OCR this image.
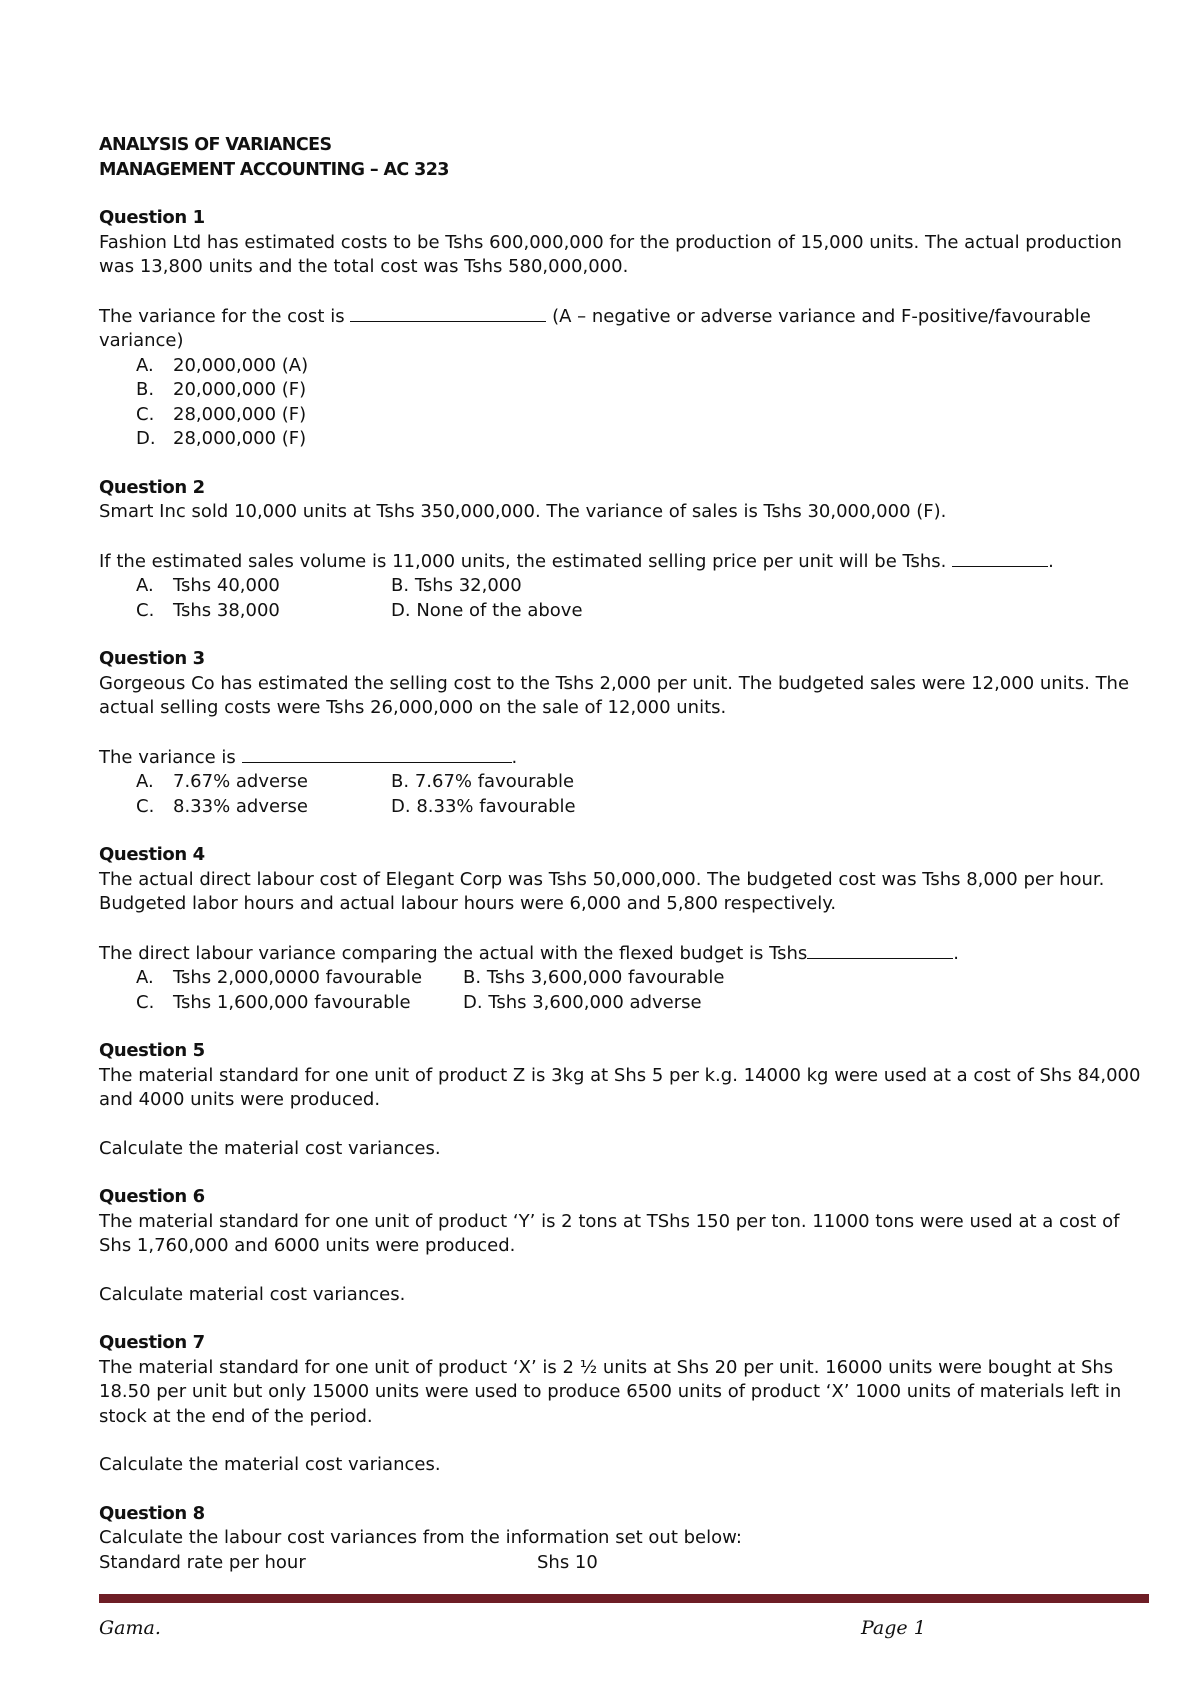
ANALYSIS OF VARIANCES
MANAGEMENT ACCOUNTING – AC 323
Question 1

Fashion Ltd has estimated costs to be Tshs 600,000,000 for the production of 15,000 units. The actual production

was 13,800 units and the total cost was Tshs 580,000,000.

The variance for the cost is	(A – negative or adverse variance and F-positive/favourable

variance)

A.	20,000,000 (A)
B.	20,000,000 (F)
C.	28,000,000 (F)
D. 28,000,000 (F)
Question 2

Smart Inc sold 10,000 units at Tshs 350,000,000. The variance of sales is Tshs 30,000,000 (F).

If the estimated sales volume is 11,000 units, the estimated selling price per unit will be Tshs.	.

A.	Tshs 40,000	B.
Tshs 32,000
C.	Tshs 38,000	D.
None of the above
Question 3

Gorgeous Co has estimated the selling cost to the Tshs 2,000 per unit. The budgeted sales were 12,000 units. The

actual selling costs were Tshs 26,000,000 on the sale of 12,000 units.

The variance is	.

A.	7.67% adverse	B.
7.67% favourable
C.	8.33% adverse	D.
8.33% favourable
Question 4

The actual direct labour cost of Elegant Corp was Tshs 50,000,000. The budgeted cost was Tshs 8,000 per hour.

Budgeted labor hours and actual labour hours were 6,000 and 5,800 respectively.

The direct labour variance comparing the actual with the flexed budget is Tshs	.

A.	Tshs 2,000,0000 favourable B.
Tshs 3,600,000 favourable
C.	Tshs 1,600,000 favourable	D.
Tshs 3,600,000 adverse
Question 5

The material standard for one unit of product Z is 3kg at Shs 5 per k.g. 14000 kg were used at a cost of Shs 84,000

and 4000 units were produced.

Calculate the material cost variances.

Question 6

The material standard for one unit of product ‘Y’ is 2 tons at TShs 150 per ton. 11000 tons were used at a cost of

Shs 1,760,000 and 6000 units were produced.

Calculate material cost variances.

Question 7

The material standard for one unit of product ‘X’ is 2 ½ units at Shs 20 per unit. 16000 units were bought at Shs

18.50 per unit but only 15000 units were used to produce 6500 units of product ‘X’ 1000 units of materials left in

stock at the end of the period.

Calculate the material cost variances.

Question 8

Calculate the labour cost variances from the information set out below:

Standard rate per hour	Shs 10
Gama.	Page 1
